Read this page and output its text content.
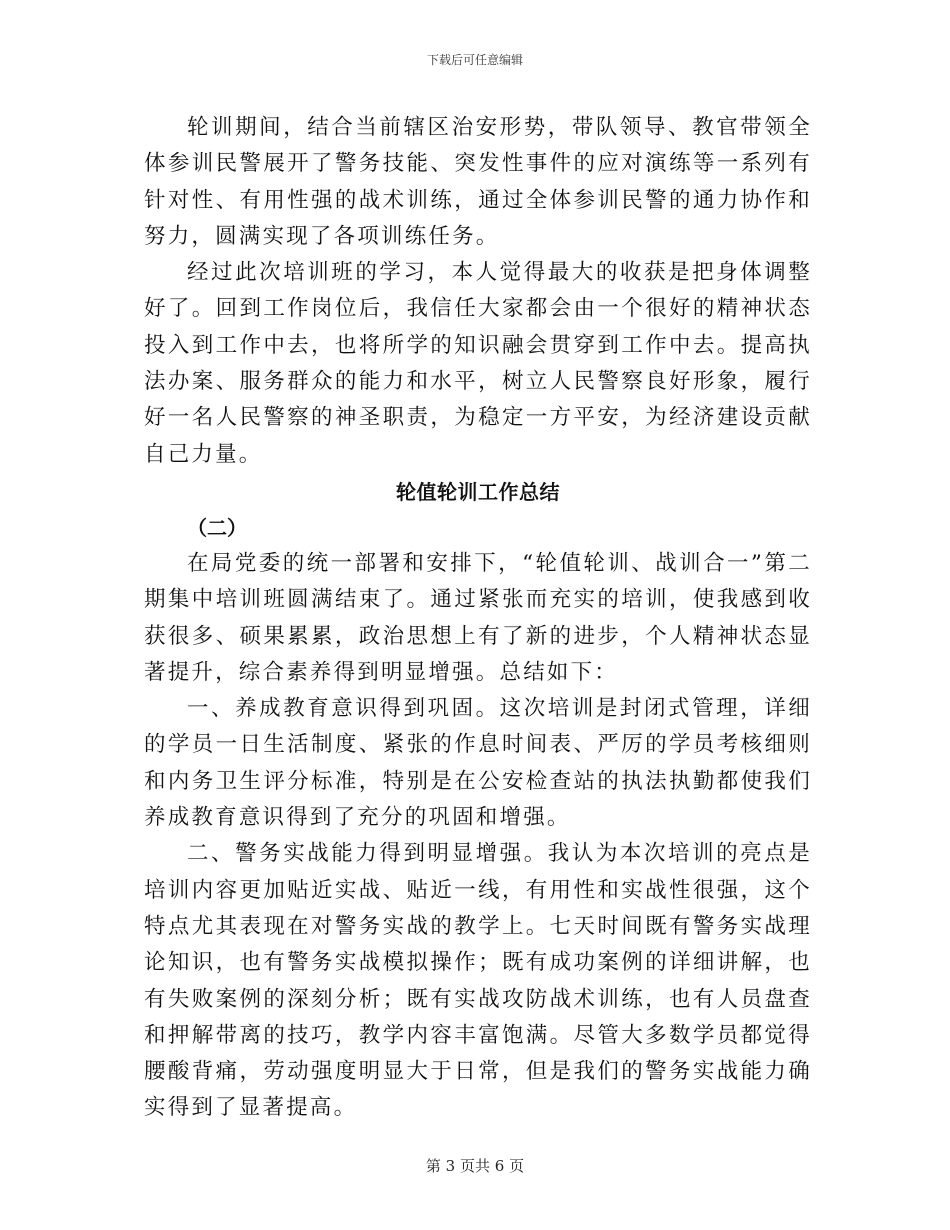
下载后可任意编辑

轮训期间，结合当前辖区治安形势，带队领导、教官带领全体参训民警展开了警务技能、突发性事件的应对演练等一系列有针对性、有用性强的战术训练，通过全体参训民警的通力协作和努力，圆满实现了各项训练任务。

经过此次培训班的学习，本人觉得最大的收获是把身体调整好了。回到工作岗位后，我信任大家都会由一个很好的精神状态投入到工作中去，也将所学的知识融会贯穿到工作中去。提高执法办案、服务群众的能力和水平，树立人民警察良好形象，履行好一名人民警察的神圣职责，为稳定一方平安，为经济建设贡献自己力量。

轮值轮训工作总结
（二）

在局党委的统一部署和安排下，“轮值轮训、战训合一”第二期集中培训班圆满结束了。通过紧张而充实的培训，使我感到收获很多、硕果累累，政治思想上有了新的进步，个人精神状态显著提升，综合素养得到明显增强。总结如下：

一、养成教育意识得到巩固。这次培训是封闭式管理，详细的学员一日生活制度、紧张的作息时间表、严厉的学员考核细则和内务卫生评分标准，特别是在公安检查站的执法执勤都使我们养成教育意识得到了充分的巩固和增强。

二、警务实战能力得到明显增强。我认为本次培训的亮点是培训内容更加贴近实战、贴近一线，有用性和实战性很强，这个特点尤其表现在对警务实战的教学上。七天时间既有警务实战理论知识，也有警务实战模拟操作；既有成功案例的详细讲解，也有失败案例的深刻分析；既有实战攻防战术训练，也有人员盘查和押解带离的技巧，教学内容丰富饱满。尽管大多数学员都觉得腰酸背痛，劳动强度明显大于日常，但是我们的警务实战能力确实得到了显著提高。

第 3 页共 6 页
